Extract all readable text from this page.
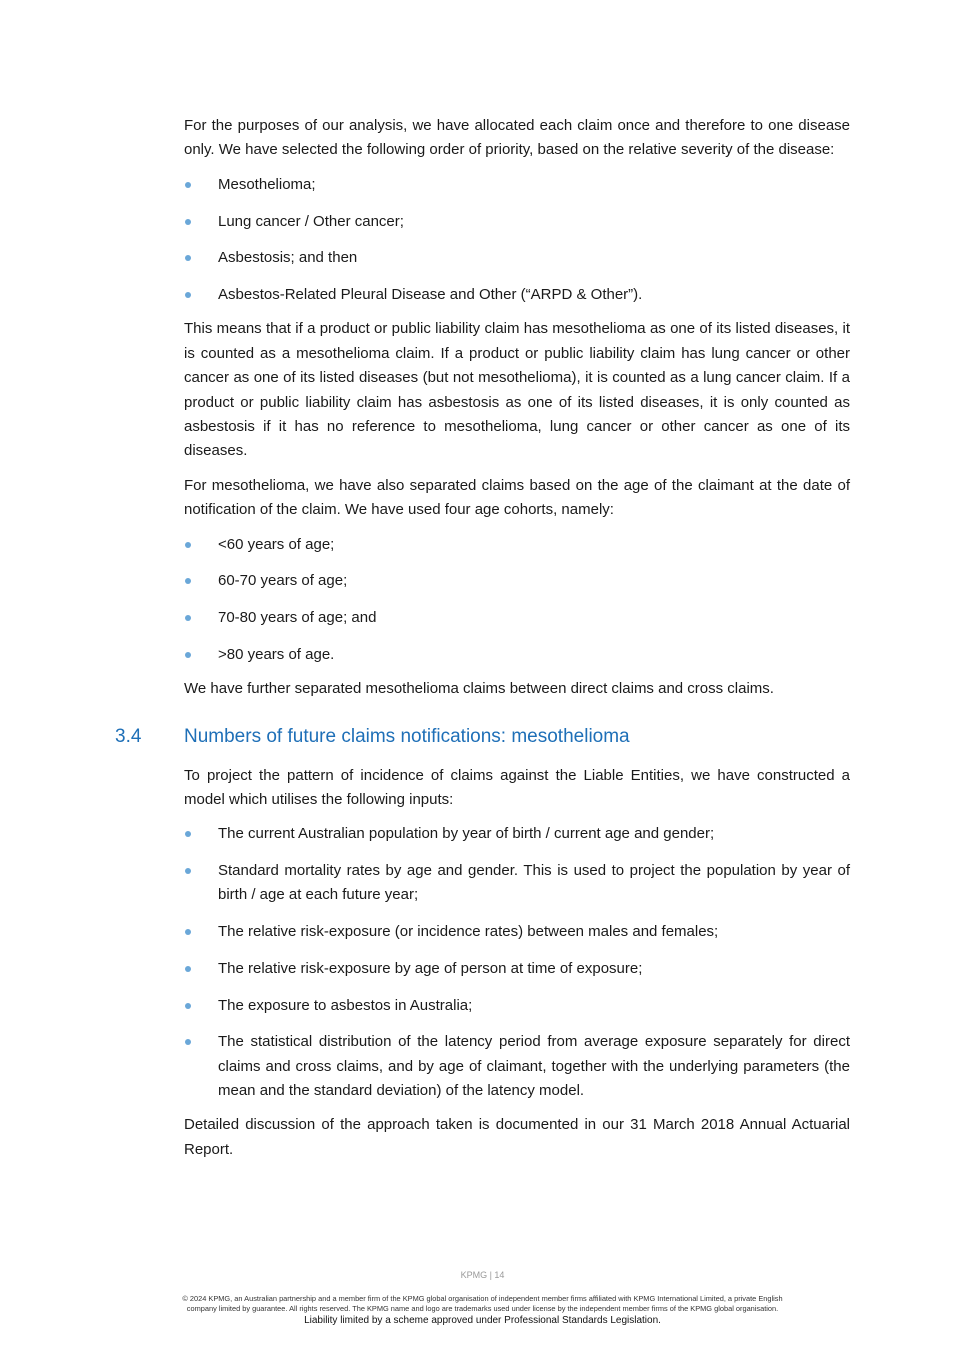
For the purposes of our analysis, we have allocated each claim once and therefore to one disease only. We have selected the following order of priority, based on the relative severity of the disease:

Mesothelioma;
Lung cancer / Other cancer;
Asbestosis; and then
Asbestos-Related Pleural Disease and Other (“ARPD & Other”).

This means that if a product or public liability claim has mesothelioma as one of its listed diseases, it is counted as a mesothelioma claim. If a product or public liability claim has lung cancer or other cancer as one of its listed diseases (but not mesothelioma), it is counted as a lung cancer claim. If a product or public liability claim has asbestosis as one of its listed diseases, it is only counted as asbestosis if it has no reference to mesothelioma, lung cancer or other cancer as one of its diseases.

For mesothelioma, we have also separated claims based on the age of the claimant at the date of notification of the claim. We have used four age cohorts, namely:

<60 years of age;
60-70 years of age;
70-80 years of age; and
>80 years of age.

We have further separated mesothelioma claims between direct claims and cross claims.

3.4 Numbers of future claims notifications: mesothelioma

To project the pattern of incidence of claims against the Liable Entities, we have constructed a model which utilises the following inputs:

The current Australian population by year of birth / current age and gender;
Standard mortality rates by age and gender. This is used to project the population by year of birth / age at each future year;
The relative risk-exposure (or incidence rates) between males and females;
The relative risk-exposure by age of person at time of exposure;
The exposure to asbestos in Australia;
The statistical distribution of the latency period from average exposure separately for direct claims and cross claims, and by age of claimant, together with the underlying parameters (the mean and the standard deviation) of the latency model.

Detailed discussion of the approach taken is documented in our 31 March 2018 Annual Actuarial Report.

KPMG | 14
© 2024 KPMG, an Australian partnership and a member firm of the KPMG global organisation of independent member firms affiliated with KPMG International Limited, a private English
company limited by guarantee. All rights reserved. The KPMG name and logo are trademarks used under license by the independent member firms of the KPMG global organisation.
Liability limited by a scheme approved under Professional Standards Legislation.
